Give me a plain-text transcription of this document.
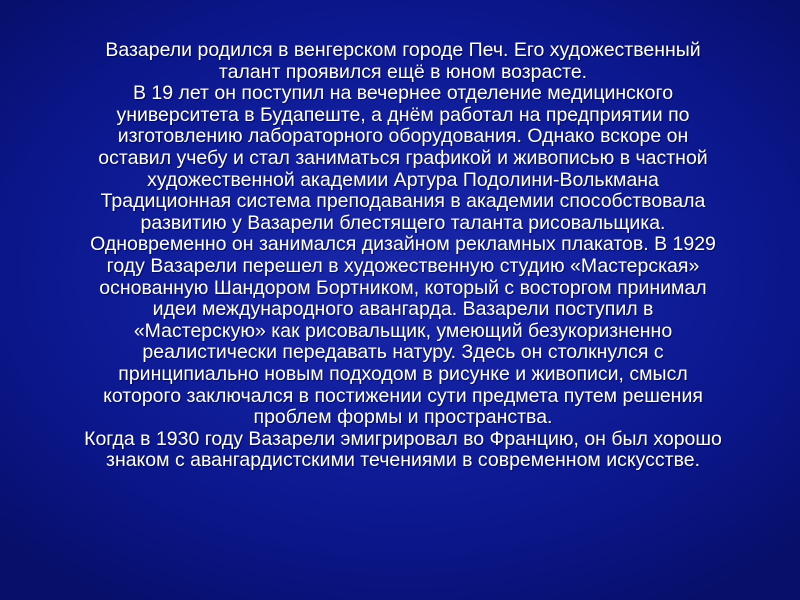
Вазарели родился в венгерском городе Печ. Его художественный
талант проявился ещё в юном возрасте.

В 19 лет он поступил на вечернее отделение медицинского
университета в Будапеште, а днём работал на предприятии по
изготовлению лабораторного оборудования. Однако вскоре он
оставил учебу и стал заниматься графикой и живописью в частной
художественной академии Артура Подолини-Волькмана
Традиционная система преподавания в академии способствовала
развитию у Вазарели блестящего таланта рисовальщика.

Одновременно он занимался дизайном рекламных плакатов. В 1929
году Вазарели перешел в художественную студию «Мастерская»
основанную Шандором Бортником, который с восторгом принимал
идеи международного авангарда. Вазарели поступил в
«Мастерскую» как рисовальщик, умеющий безукоризненно
реалистически передавать натуру. Здесь он столкнулся с
принципиально новым подходом в рисунке и живописи, смысл
которого заключался в постижении сути предмета путем решения
проблем формы и пространства.

Когда в 1930 году Вазарели эмигрировал во Францию, он был хорошо
знаком с авангардистскими течениями в современном искусстве.
